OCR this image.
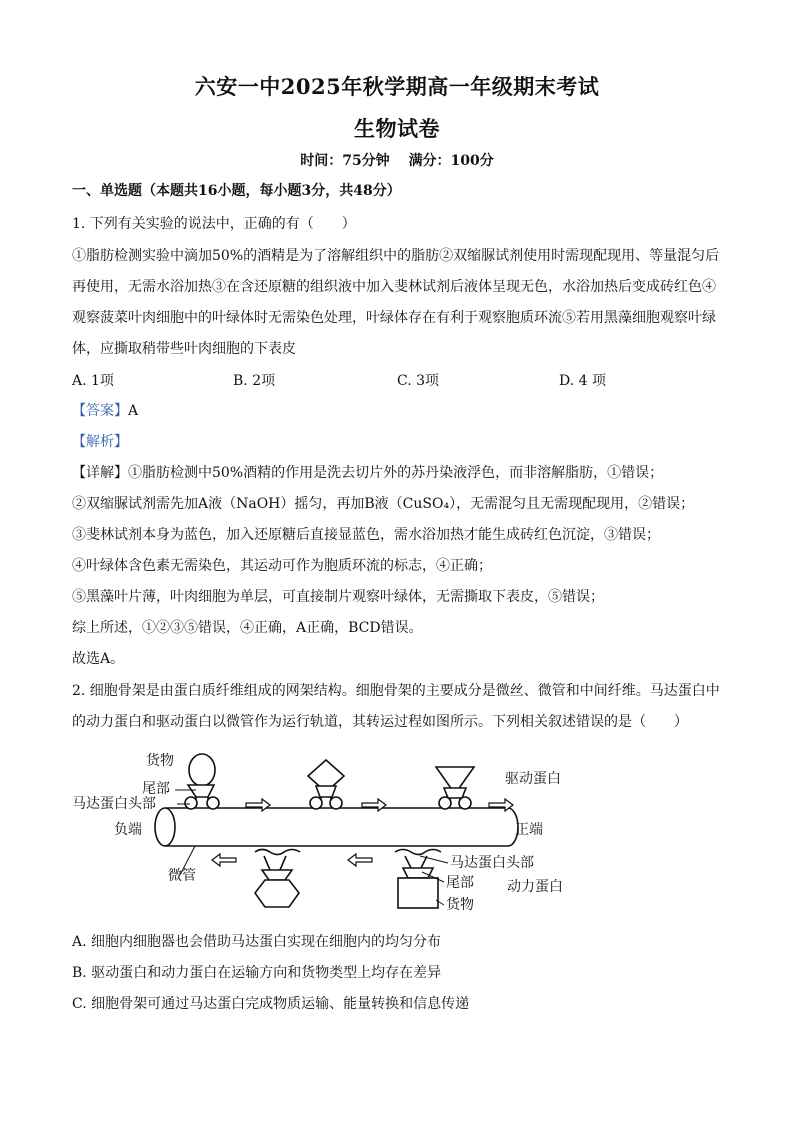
六安一中2025年秋学期高一年级期末考试
生物试卷
时间：75分钟 满分：100分
一、单选题（本题共16小题，每小题3分，共48分）
1. 下列有关实验的说法中，正确的有（　　）
①脂肪检测实验中滴加50%的酒精是为了溶解组织中的脂肪②双缩脲试剂使用时需现配现用、等量混匀后
再使用，无需水浴加热③在含还原糖的组织液中加入斐林试剂后液体呈现无色，水浴加热后变成砖红色④
观察菠菜叶肉细胞中的叶绿体时无需染色处理，叶绿体存在有利于观察胞质环流⑤若用黑藻细胞观察叶绿
体，应撕取稍带些叶肉细胞的下表皮
A. 1项	B. 2项	C. 3项	D. 4 项
【答案】A
【解析】
【详解】①脂肪检测中50%酒精的作用是洗去切片外的苏丹染液浮色，而非溶解脂肪，①错误；
②双缩脲试剂需先加A液（NaOH）摇匀，再加B液（CuSO₄），无需混匀且无需现配现用，②错误；
③斐林试剂本身为蓝色，加入还原糖后直接显蓝色，需水浴加热才能生成砖红色沉淀，③错误；
④叶绿体含色素无需染色，其运动可作为胞质环流的标志，④正确；
⑤黑藻叶片薄，叶肉细胞为单层，可直接制片观察叶绿体，无需撕取下表皮，⑤错误；
综上所述，①②③⑤错误，④正确，A正确，BCD错误。
故选A。
2. 细胞骨架是由蛋白质纤维组成的网架结构。细胞骨架的主要成分是微丝、微管和中间纤维。马达蛋白中
的动力蛋白和驱动蛋白以微管作为运行轨道，其转运过程如图所示。下列相关叙述错误的是（　　）
货物
尾部
马达蛋白头部
负端	正端
微管
驱动蛋白
马达蛋白头部
尾部 动力蛋白
货物
A. 细胞内细胞器也会借助马达蛋白实现在细胞内的均匀分布
B. 驱动蛋白和动力蛋白在运输方向和货物类型上均存在差异
C. 细胞骨架可通过马达蛋白完成物质运输、能量转换和信息传递
